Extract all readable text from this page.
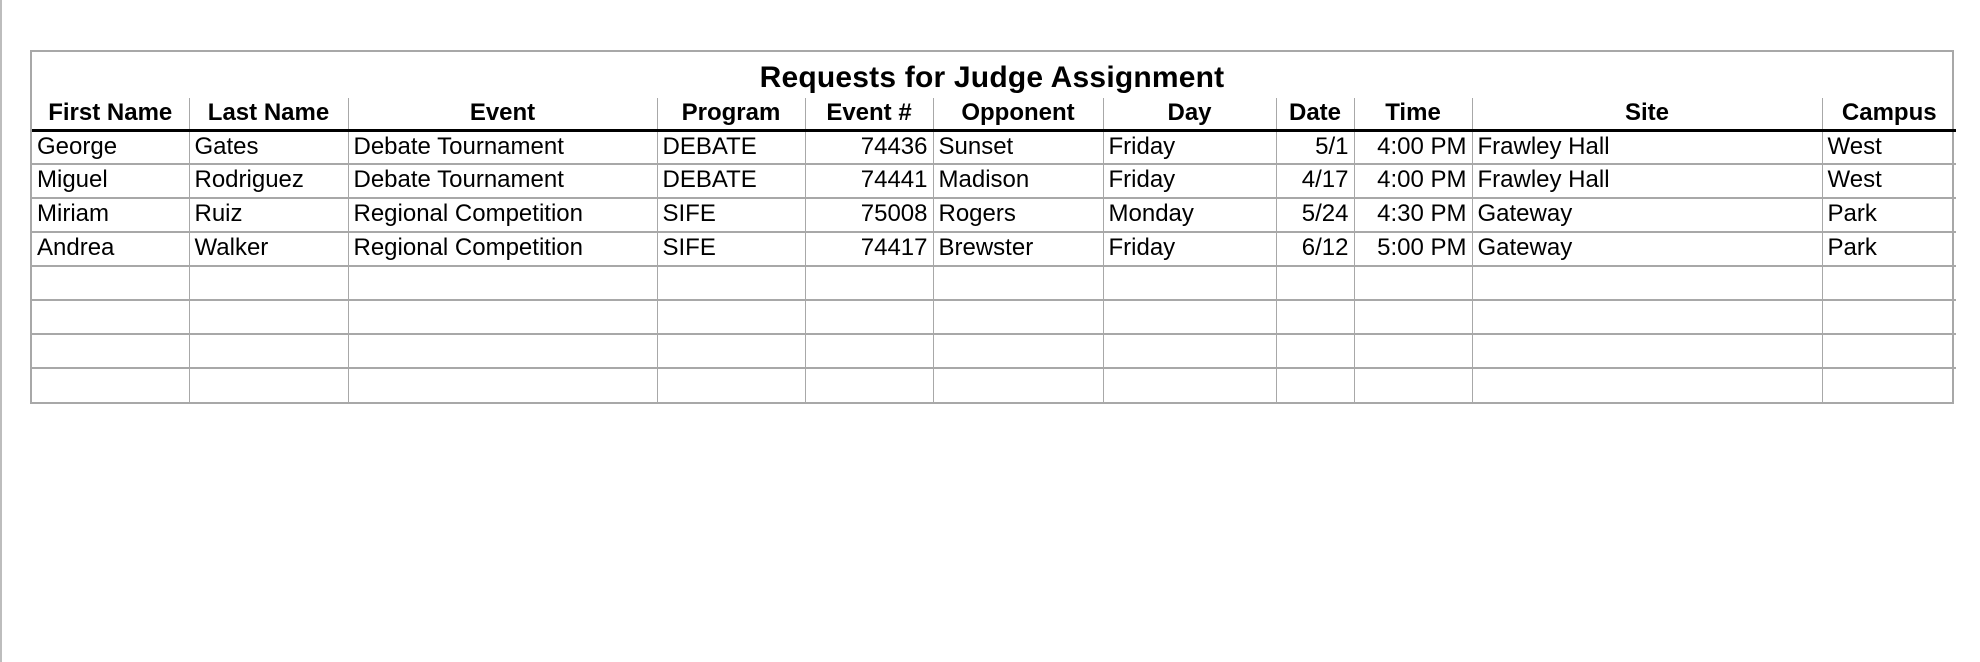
Requests for Judge Assignment
First Name	Last Name	Event	Program	Event #	Opponent	Day	Date	Time	Site	Campus
George	Gates	Debate Tournament	DEBATE	74436	Sunset	Friday	5/1	4:00 PM	Frawley Hall	West
Miguel	Rodriguez	Debate Tournament	DEBATE	74441	Madison	Friday	4/17	4:00 PM	Frawley Hall	West
Miriam	Ruiz	Regional Competition	SIFE	75008	Rogers	Monday	5/24	4:30 PM	Gateway	Park
Andrea	Walker	Regional Competition	SIFE	74417	Brewster	Friday	6/12	5:00 PM	Gateway	Park
